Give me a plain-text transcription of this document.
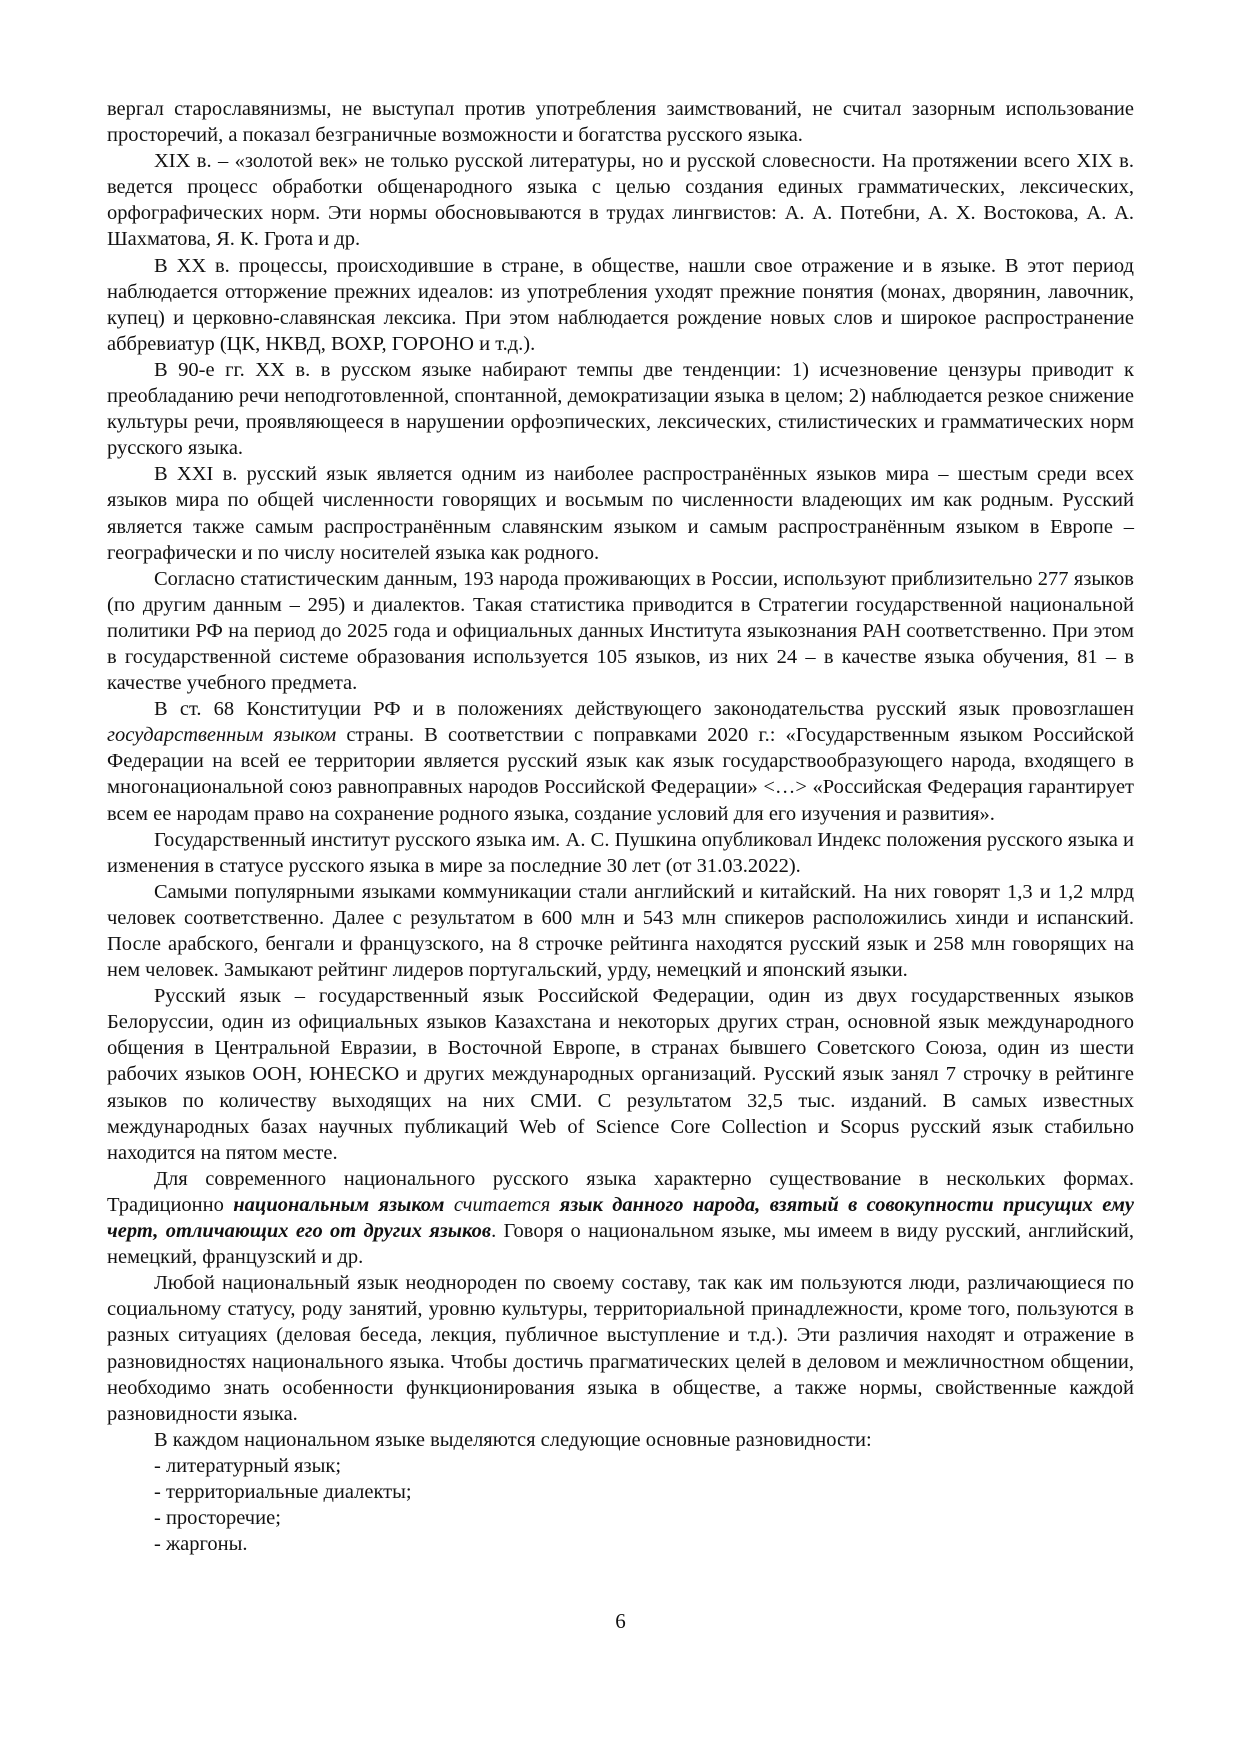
вергал старославянизмы, не выступал против употребления заимствований, не считал зазорным использование просторечий, а показал безграничные возможности и богатства русского языка.

XIX в. – «золотой век» не только русской литературы, но и русской словесности. На протяжении всего XIX в. ведется процесс обработки общенародного языка с целью создания единых грамматических, лексических, орфографических норм. Эти нормы обосновываются в трудах лингвистов: А. А. Потебни, А. Х. Востокова, А. А. Шахматова, Я. К. Грота и др.

В XX в. процессы, происходившие в стране, в обществе, нашли свое отражение и в языке. В этот период наблюдается отторжение прежних идеалов: из употребления уходят прежние понятия (монах, дворянин, лавочник, купец) и церковно-славянская лексика. При этом наблюдается рождение новых слов и широкое распространение аббревиатур (ЦК, НКВД, ВОХР, ГОРОНО и т.д.).

В 90-е гг. XX в. в русском языке набирают темпы две тенденции: 1) исчезновение цензуры приводит к преобладанию речи неподготовленной, спонтанной, демократизации языка в целом; 2) наблюдается резкое снижение культуры речи, проявляющееся в нарушении орфоэпических, лексических, стилистических и грамматических норм русского языка.

В XXI в. русский язык является одним из наиболее распространённых языков мира – шестым среди всех языков мира по общей численности говорящих и восьмым по численности владеющих им как родным. Русский является также самым распространённым славянским языком и самым распространённым языком в Европе – географически и по числу носителей языка как родного.

Согласно статистическим данным, 193 народа проживающих в России, используют приблизительно 277 языков (по другим данным – 295) и диалектов. Такая статистика приводится в Стратегии государственной национальной политики РФ на период до 2025 года и официальных данных Института языкознания РАН соответственно. При этом в государственной системе образования используется 105 языков, из них 24 – в качестве языка обучения, 81 – в качестве учебного предмета.

В ст. 68 Конституции РФ и в положениях действующего законодательства русский язык провозглашен государственным языком страны. В соответствии с поправками 2020 г.: «Государственным языком Российской Федерации на всей ее территории является русский язык как язык государствообразующего народа, входящего в многонациональной союз равноправных народов Российской Федерации» <…> «Российская Федерация гарантирует всем ее народам право на сохранение родного языка, создание условий для его изучения и развития».

Государственный институт русского языка им. А. С. Пушкина опубликовал Индекс положения русского языка и изменения в статусе русского языка в мире за последние 30 лет (от 31.03.2022).

Самыми популярными языками коммуникации стали английский и китайский. На них говорят 1,3 и 1,2 млрд человек соответственно. Далее с результатом в 600 млн и 543 млн спикеров расположились хинди и испанский. После арабского, бенгали и французского, на 8 строчке рейтинга находятся русский язык и 258 млн говорящих на нем человек. Замыкают рейтинг лидеров португальский, урду, немецкий и японский языки.

Русский язык – государственный язык Российской Федерации, один из двух государственных языков Белоруссии, один из официальных языков Казахстана и некоторых других стран, основной язык международного общения в Центральной Евразии, в Восточной Европе, в странах бывшего Советского Союза, один из шести рабочих языков ООН, ЮНЕСКО и других международных организаций. Русский язык занял 7 строчку в рейтинге языков по количеству выходящих на них СМИ. С результатом 32,5 тыс. изданий. В самых известных международных базах научных публикаций Web of Science Core Collection и Scopus русский язык стабильно находится на пятом месте.

Для современного национального русского языка характерно существование в нескольких формах. Традиционно национальным языком считается язык данного народа, взятый в совокупности присущих ему черт, отличающих его от других языков. Говоря о национальном языке, мы имеем в виду русский, английский, немецкий, французский и др.

Любой национальный язык неоднороден по своему составу, так как им пользуются люди, различающиеся по социальному статусу, роду занятий, уровню культуры, территориальной принадлежности, кроме того, пользуются в разных ситуациях (деловая беседа, лекция, публичное выступление и т.д.). Эти различия находят и отражение в разновидностях национального языка. Чтобы достичь прагматических целей в деловом и межличностном общении, необходимо знать особенности функционирования языка в обществе, а также нормы, свойственные каждой разновидности языка.

В каждом национальном языке выделяются следующие основные разновидности:

- литературный язык;

- территориальные диалекты;

- просторечие;

- жаргоны.

6
